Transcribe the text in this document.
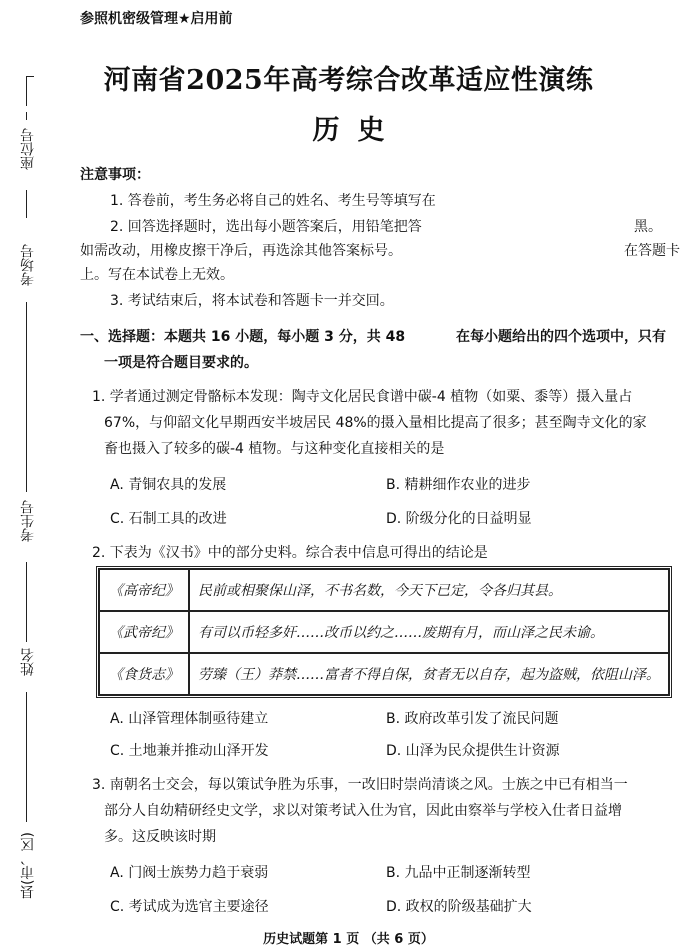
参照机密级管理★启用前
河南省2025年高考综合改革适应性演练
历史
座位号
考场号
考生号
姓名
县(市、区)
注意事项：
1. 答卷前，考生务必将自己的姓名、考生号等填写在
2. 回答选择题时，选出每小题答案后，用铅笔把答	黑。
如需改动，用橡皮擦干净后，再选涂其他答案标号。	在答题卡
上。写在本试卷上无效。
3. 考试结束后，将本试卷和答题卡一并交回。
一、选择题：本题共 16 小题，每小题 3 分，共 48	在每小题给出的四个选项中，只有
一项是符合题目要求的。
1. 学者通过测定骨骼标本发现：陶寺文化居民食谱中碳-4 植物（如粟、黍等）摄入量占
67%，与仰韶文化早期西安半坡居民 48%的摄入量相比提高了很多；甚至陶寺文化的家
畜也摄入了较多的碳-4 植物。与这种变化直接相关的是
A. 青铜农具的发展	B. 精耕细作农业的进步
C. 石制工具的改进	D. 阶级分化的日益明显
2. 下表为《汉书》中的部分史料。综合表中信息可得出的结论是
《高帝纪》	民前或相聚保山泽，不书名数，今天下已定，令各归其县。
《武帝纪》	有司以币轻多奸……改币以约之……废期有月，而山泽之民未谕。
《食货志》	劳臻（王）莽禁……富者不得自保，贫者无以自存，起为盗贼，依阻山泽。
A. 山泽管理体制亟待建立	B. 政府改革引发了流民问题
C. 土地兼并推动山泽开发	D. 山泽为民众提供生计资源
3. 南朝名士交会，每以策试争胜为乐事，一改旧时崇尚清谈之风。士族之中已有相当一
部分人自幼精研经史文学，求以对策考试入仕为官，因此由察举与学校入仕者日益增
多。这反映该时期
A. 门阀士族势力趋于衰弱	B. 九品中正制逐渐转型
C. 考试成为选官主要途径	D. 政权的阶级基础扩大
历史试题第 1 页 （共 6 页）
